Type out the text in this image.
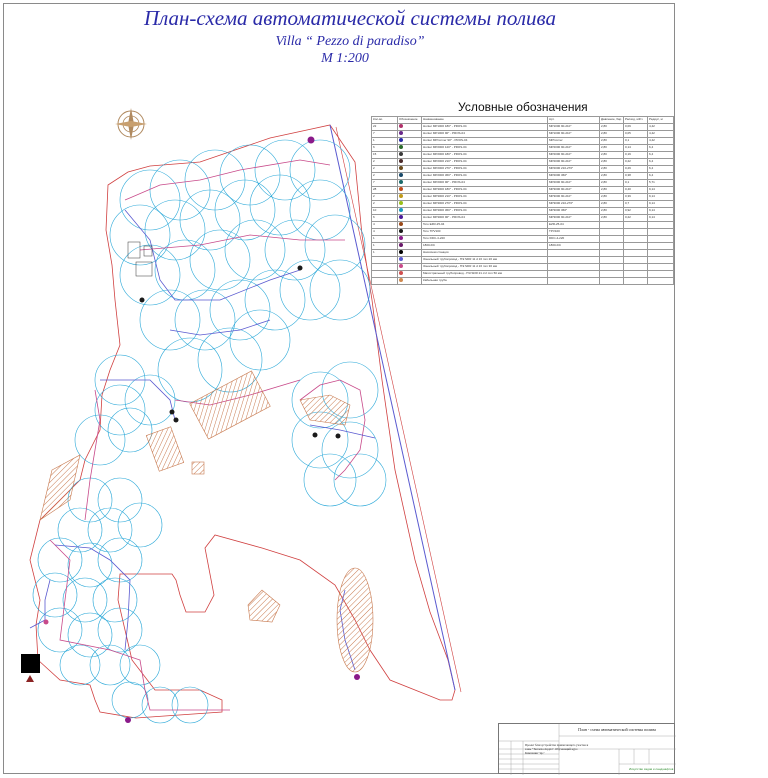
План-схема автоматической системы полива
Villa “ Pezzo di paradiso”
М 1:200
Условные обозначения
Кол-во	Обозначение	Наименование	Арт.	Давление, бар	Расход, м3/ч	Радиус, м
22		Hunter MP1000 180° - PROS-04	MP1000 90-210°	2,80	0,09	4,42
7		Hunter MP1000 90° - PROS-04	MP1000 90-210°	2,80	0,05	4,42
1		Hunter MPCorner 90° - PROS-04	MPCorner	2,80	0,1	4,42
6		Hunter MP2000 120° - PROS-04	MP2000 90-210°	2,80	0,14	6,4
15		Hunter MP2000 180° - PROS-04	MP2000 90-210°	2,80	0,19	6,4
2		Hunter MP2000 210° - PROS-04	MP2000 90-210°	2,80	0,22	6,4
2		Hunter MP2000 270° - PROS-04	MP2000 210-270°	2,80	0,29	6,4
2		Hunter MP2000 360° - PROS-04	MP2000 360°	2,80	0,38	6,4
7		Hunter MP2000 90° - PROS-04	MP2000 90-210°	2,80	0,1	5,71
28		Hunter MP3000 180° - PROS-04	MP3000 90-210°	2,80	0,40	9,14
2		Hunter MP3000 210° - PROS-04	MP3000 90-210°	2,80	0,39	9,14
2		Hunter MP3000 270° - PROS-04	MP3000 210-270°	2,80	0,7	9,14
10		Hunter MP3000 360° - PROS-04	MP3000 360°	2,80	0,92	9,14
6		Hunter MP3000 90° - PROS-04	MP3000 90-210°	2,80	0,22	9,14
4		Toro EZR-25-04	EZR-25-04			
4		Toro TPV100	TPV100			
1		Toro DDC-4-220	DDC-4-220			
1		1800-DC	1800-DC			
1		Насосная станция				
		Зональный трубопровод - ПЭ SDR 11 d 16 mm 20 мм				
		Зональный трубопровод - ПЭ SDR 11 d 16 mm 30 мм				
		Магистральный трубопровод - ПЭ SDR 21 d 2 mm 50 мм				
		Кабельная труба				
План - схема автоматической системы полива
Проект благоустройства прилегающего участка и зоны "Terrazza doppia". Обучающий курс. Кампания "пр."
Искусство садов и ландшафтов
